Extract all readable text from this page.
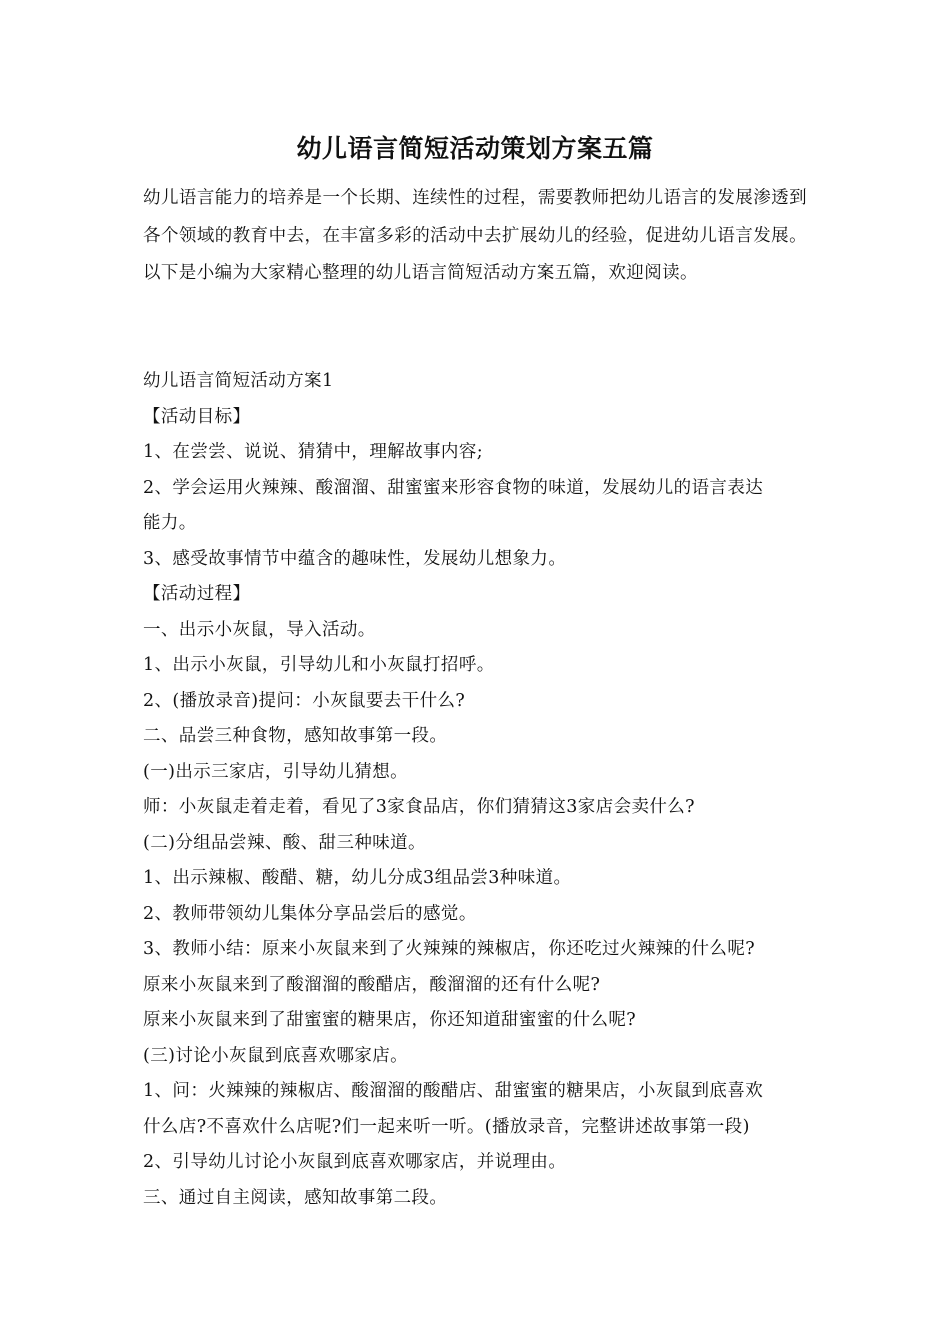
幼儿语言简短活动策划方案五篇
幼儿语言能力的培养是一个长期、连续性的过程，需要教师把幼儿语言的发展渗透到各个领域的教育中去，在丰富多彩的活动中去扩展幼儿的经验，促进幼儿语言发展。以下是小编为大家精心整理的幼儿语言简短活动方案五篇，欢迎阅读。
幼儿语言简短活动方案1
【活动目标】
1、在尝尝、说说、猜猜中，理解故事内容;
2、学会运用火辣辣、酸溜溜、甜蜜蜜来形容食物的味道，发展幼儿的语言表达
能力。
3、感受故事情节中蕴含的趣味性，发展幼儿想象力。
【活动过程】
一、出示小灰鼠，导入活动。
1、出示小灰鼠，引导幼儿和小灰鼠打招呼。
2、(播放录音)提问：小灰鼠要去干什么?
二、品尝三种食物，感知故事第一段。
(一)出示三家店，引导幼儿猜想。
师：小灰鼠走着走着，看见了3家食品店，你们猜猜这3家店会卖什么?
(二)分组品尝辣、酸、甜三种味道。
1、出示辣椒、酸醋、糖，幼儿分成3组品尝3种味道。
2、教师带领幼儿集体分享品尝后的感觉。
3、教师小结：原来小灰鼠来到了火辣辣的辣椒店，你还吃过火辣辣的什么呢?
原来小灰鼠来到了酸溜溜的酸醋店，酸溜溜的还有什么呢?
原来小灰鼠来到了甜蜜蜜的糖果店，你还知道甜蜜蜜的什么呢?
(三)讨论小灰鼠到底喜欢哪家店。
1、问：火辣辣的辣椒店、酸溜溜的酸醋店、甜蜜蜜的糖果店，小灰鼠到底喜欢
什么店?不喜欢什么店呢?们一起来听一听。(播放录音，完整讲述故事第一段)
2、引导幼儿讨论小灰鼠到底喜欢哪家店，并说理由。
三、通过自主阅读，感知故事第二段。
